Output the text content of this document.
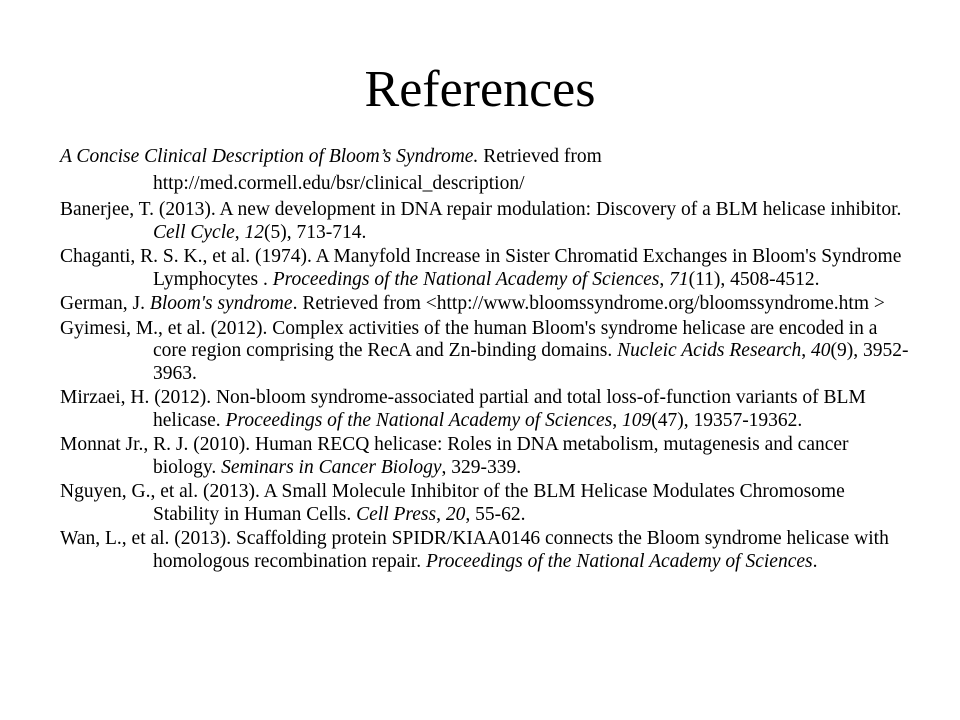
References
A Concise Clinical Description of Bloom’s Syndrome. Retrieved from
http://med.cormell.edu/bsr/clinical_description/
Banerjee, T. (2013). A new development in DNA repair modulation: Discovery of a BLM helicase inhibitor. Cell Cycle, 12(5), 713-714.
Chaganti, R. S. K., et al. (1974). A Manyfold Increase in Sister Chromatid Exchanges in Bloom's Syndrome Lymphocytes . Proceedings of the National Academy of Sciences, 71(11), 4508-4512.
German, J. Bloom's syndrome. Retrieved from <http://www.bloomssyndrome.org/bloomssyndrome.htm >
Gyimesi, M., et al. (2012). Complex activities of the human Bloom's syndrome helicase are encoded in a core region comprising the RecA and Zn-binding domains. Nucleic Acids Research, 40(9), 3952-3963.
Mirzaei, H. (2012). Non-bloom syndrome-associated partial and total loss-of-function variants of BLM helicase. Proceedings of the National Academy of Sciences, 109(47), 19357-19362.
Monnat Jr., R. J. (2010). Human RECQ helicase: Roles in DNA metabolism, mutagenesis and cancer biology. Seminars in Cancer Biology, 329-339.
Nguyen, G., et al. (2013). A Small Molecule Inhibitor of the BLM Helicase Modulates Chromosome Stability in Human Cells. Cell Press, 20, 55-62.
Wan, L., et al. (2013). Scaffolding protein SPIDR/KIAA0146 connects the Bloom syndrome helicase with homologous recombination repair. Proceedings of the National Academy of Sciences.
